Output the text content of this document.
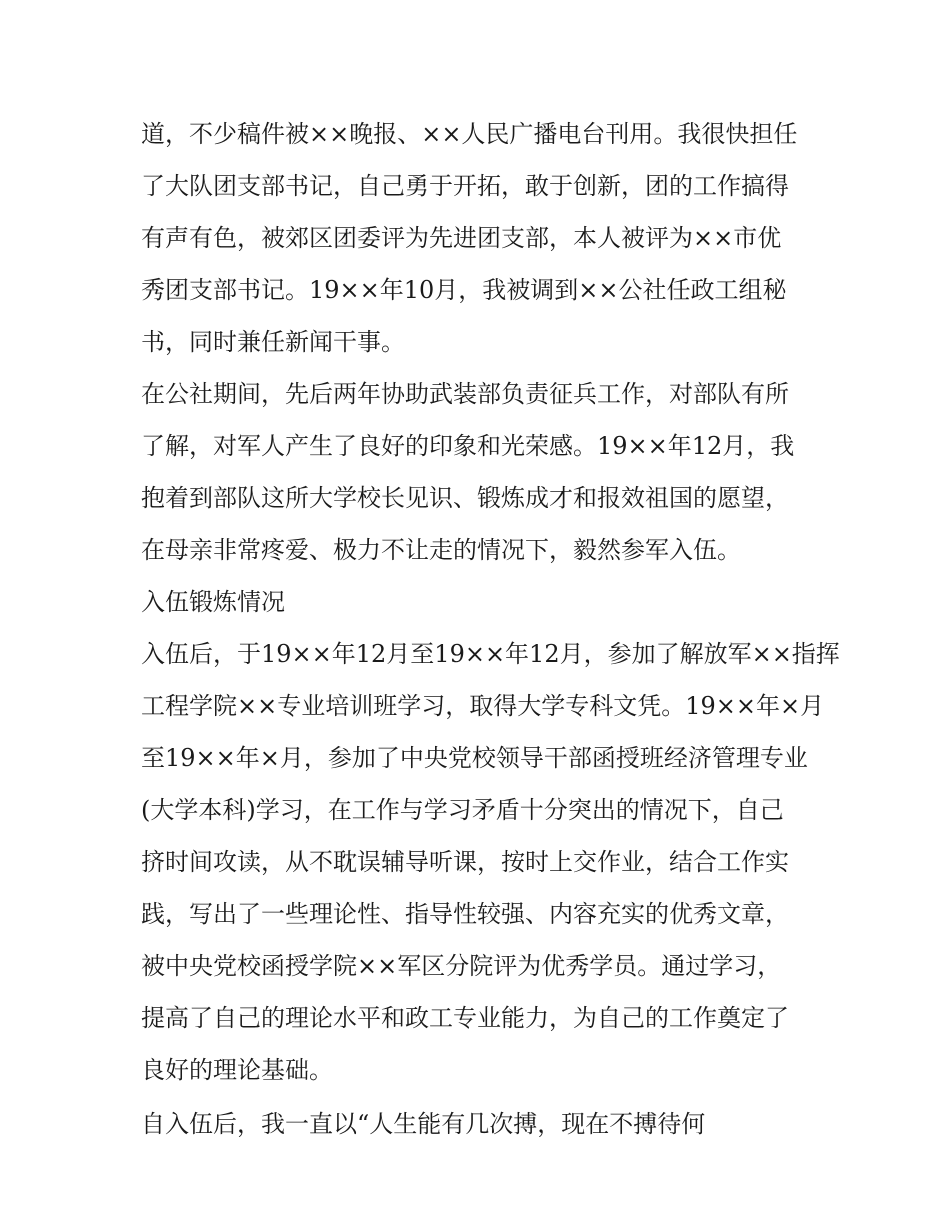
道，不少稿件被××晚报、××人民广播电台刊用。我很快担任

了大队团支部书记，自己勇于开拓，敢于创新，团的工作搞得

有声有色，被郊区团委评为先进团支部，本人被评为××市优

秀团支部书记。19××年10月，我被调到××公社任政工组秘

书，同时兼任新闻干事。

在公社期间，先后两年协助武装部负责征兵工作，对部队有所

了解，对军人产生了良好的印象和光荣感。19××年12月，我

抱着到部队这所大学校长见识、锻炼成才和报效祖国的愿望，

在母亲非常疼爱、极力不让走的情况下，毅然参军入伍。

入伍锻炼情况

入伍后，于19××年12月至19××年12月，参加了解放军××指挥

工程学院××专业培训班学习，取得大学专科文凭。19××年×月

至19××年×月，参加了中央党校领导干部函授班经济管理专业

(大学本科)学习，在工作与学习矛盾十分突出的情况下，自己

挤时间攻读，从不耽误辅导听课，按时上交作业，结合工作实

践，写出了一些理论性、指导性较强、内容充实的优秀文章，

被中央党校函授学院××军区分院评为优秀学员。通过学习，

提高了自己的理论水平和政工专业能力，为自己的工作奠定了

良好的理论基础。

自入伍后，我一直以“人生能有几次搏，现在不搏待何
